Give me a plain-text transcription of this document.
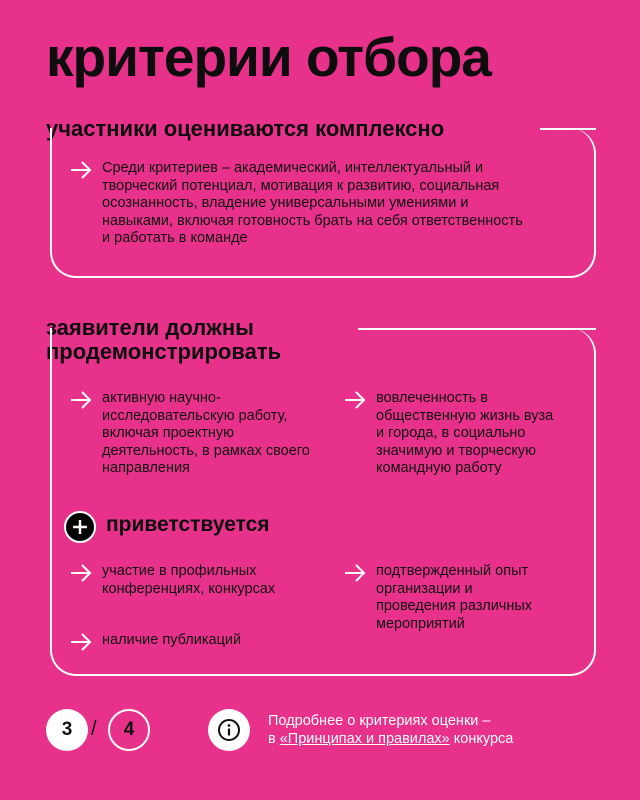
критерии отбора
участники оцениваются комплексно
Среди критериев – академический, интеллектуальный и творческий потенциал, мотивация к развитию, социальная осознанность, владение универсальными умениями и навыками, включая готовность брать на себя ответственность и работать в команде
заявители должны
продемонстрировать
активную научно-исследовательскую работу, включая проектную деятельность, в рамках своего направления
вовлеченность в общественную жизнь вуза и города, в социально значимую и творческую командную работу
приветствуется
участие в профильных конференциях, конкурсах
наличие публикаций
подтвержденный опыт организации и проведения различных мероприятий
3 /	4	Подробнее о критериях оценки –
в «Принципах и правилах» конкурса
